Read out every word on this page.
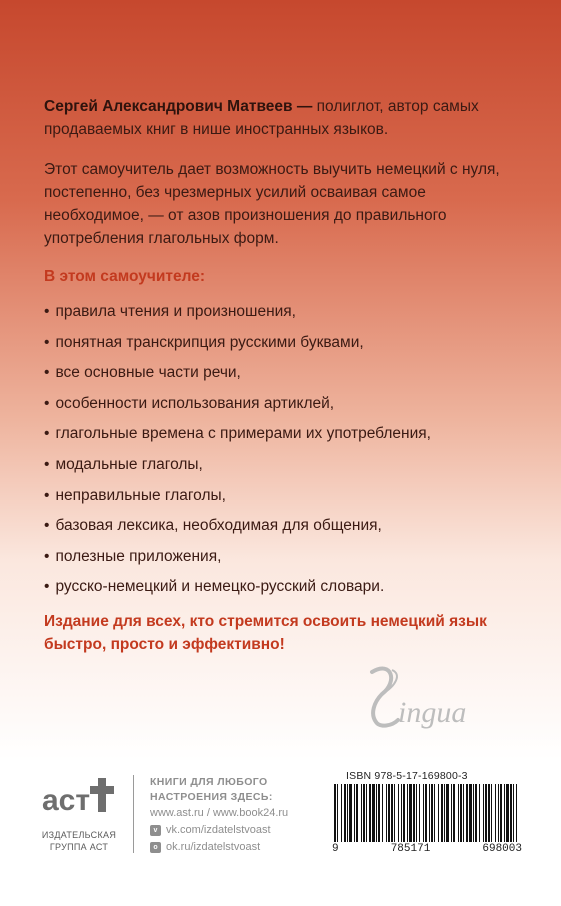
Сергей Александрович Матвеев — полиглот, автор самых продаваемых книг в нише иностранных языков.
Этот самоучитель дает возможность выучить немецкий с нуля, постепенно, без чрезмерных усилий осваивая самое необходимое, — от азов произношения до правильного употребления глагольных форм.
В этом самоучителе:
• правила чтения и произношения,
• понятная транскрипция русскими буквами,
• все основные части речи,
• особенности использования артиклей,
• глагольные времена с примерами их употребления,
• модальные глаголы,
• неправильные глаголы,
• базовая лексика, необходимая для общения,
• полезные приложения,
• русско-немецкий и немецко-русский словари.
Издание для всех, кто стремится освоить немецкий язык быстро, просто и эффективно!
ingua
аст
ИЗДАТЕЛЬСКАЯ
ГРУППА АСТ
КНИГИ ДЛЯ ЛЮБОГО
НАСТРОЕНИЯ ЗДЕСЬ:
www.ast.ru / www.book24.ru
v vk.com/izdatelstvoast
o ok.ru/izdatelstvoast
ISBN 978-5-17-169800-3
9	785171	698003
